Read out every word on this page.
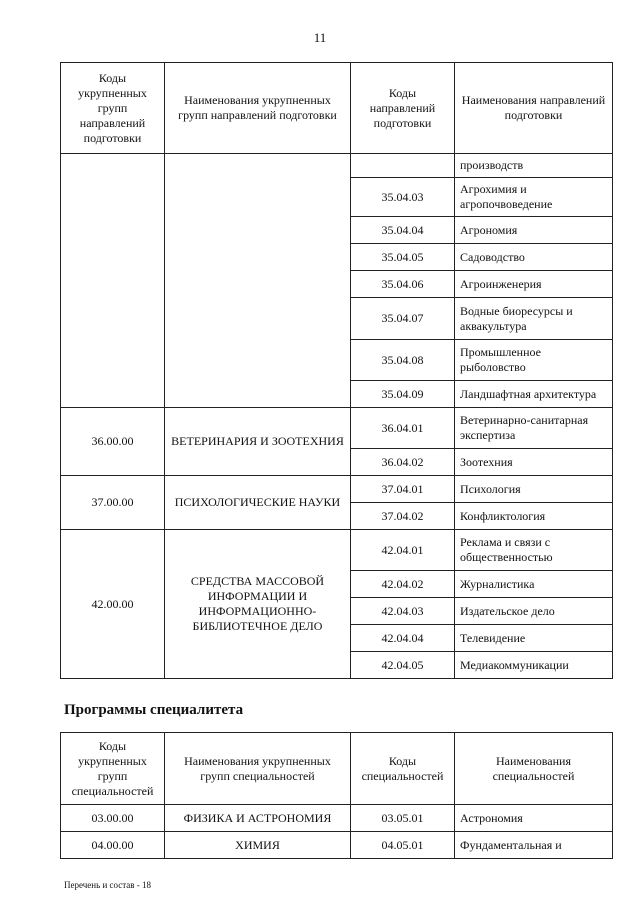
11
Коды укрупненных групп направлений подготовки	Наименования укрупненных групп направлений подготовки	Коды направлений подготовки	Наименования направлений подготовки
			производств
		35.04.03	Агрохимия и агропочвоведение
		35.04.04	Агрономия
		35.04.05	Садоводство
		35.04.06	Агроинженерия
		35.04.07	Водные биоресурсы и аквакультура
		35.04.08	Промышленное рыболовство
		35.04.09	Ландшафтная архитектура
36.00.00	ВЕТЕРИНАРИЯ И ЗООТЕХНИЯ	36.04.01	Ветеринарно-санитарная экспертиза
		36.04.02	Зоотехния
37.00.00	ПСИХОЛОГИЧЕСКИЕ НАУКИ	37.04.01	Психология
		37.04.02	Конфликтология
42.00.00	СРЕДСТВА МАССОВОЙ ИНФОРМАЦИИ И ИНФОРМАЦИОННО-БИБЛИОТЕЧНОЕ ДЕЛО	42.04.01	Реклама и связи с общественностью
		42.04.02	Журналистика
		42.04.03	Издательское дело
		42.04.04	Телевидение
		42.04.05	Медиакоммуникации
Программы специалитета
Коды укрупненных групп специальностей	Наименования укрупненных групп специальностей	Коды специальностей	Наименования специальностей
03.00.00	ФИЗИКА И АСТРОНОМИЯ	03.05.01	Астрономия
04.00.00	ХИМИЯ	04.05.01	Фундаментальная и
Перечень и состав - 18
